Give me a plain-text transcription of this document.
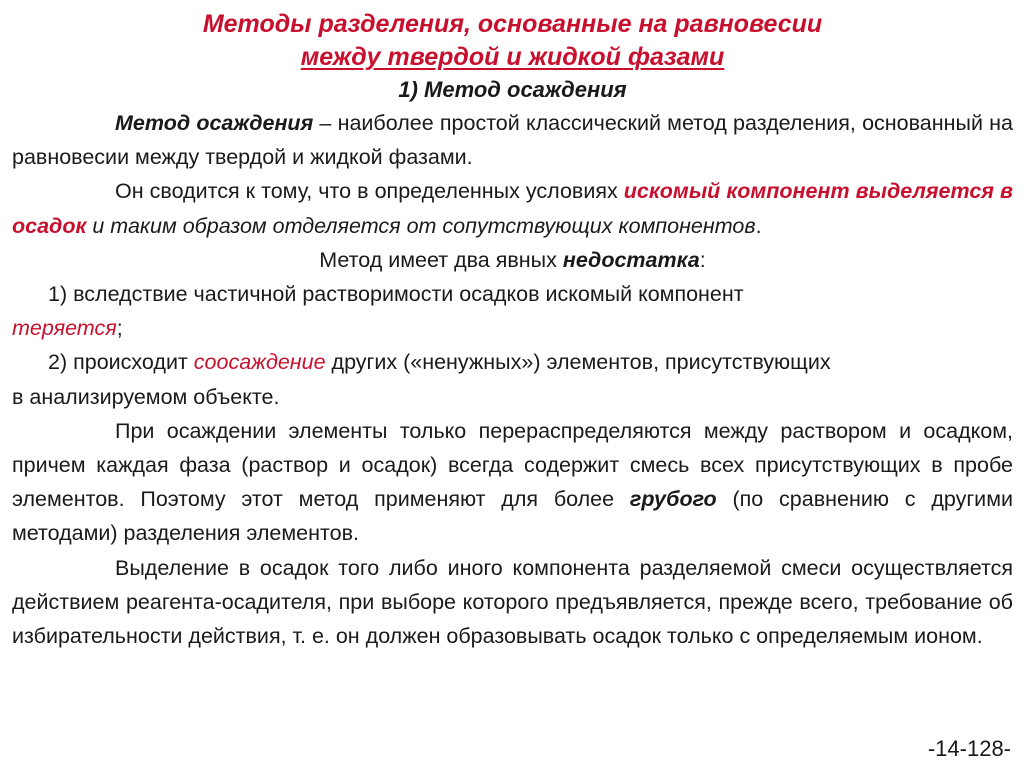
Методы разделения, основанные на равновесии
между твердой и жидкой фазами
1) Метод осаждения

Метод осаждения – наиболее простой классический метод разделения, основанный на равновесии между твердой и жидкой фазами.

Он сводится к тому, что в определенных условиях искомый компонент выделяется в осадок и таким образом отделяется от сопутствующих компонентов.

Метод имеет два явных недостатка:

1) вследствие частичной растворимости осадков искомый компонент
теряется;

2) происходит соосаждение других («ненужных») элементов, присутствующих
в анализируемом объекте.

При осаждении элементы только перераспределяются между раствором и осадком, причем каждая фаза (раствор и осадок) всегда содержит смесь всех присутствующих в пробе элементов. Поэтому этот метод применяют для более грубого (по сравнению с другими методами) разделения элементов.

Выделение в осадок того либо иного компонента разделяемой смеси осуществляется действием реагента-осадителя, при выборе которого предъявляется, прежде всего, требование об избирательности действия, т. е. он должен образовывать осадок только с определяемым ионом.

-14-128-
